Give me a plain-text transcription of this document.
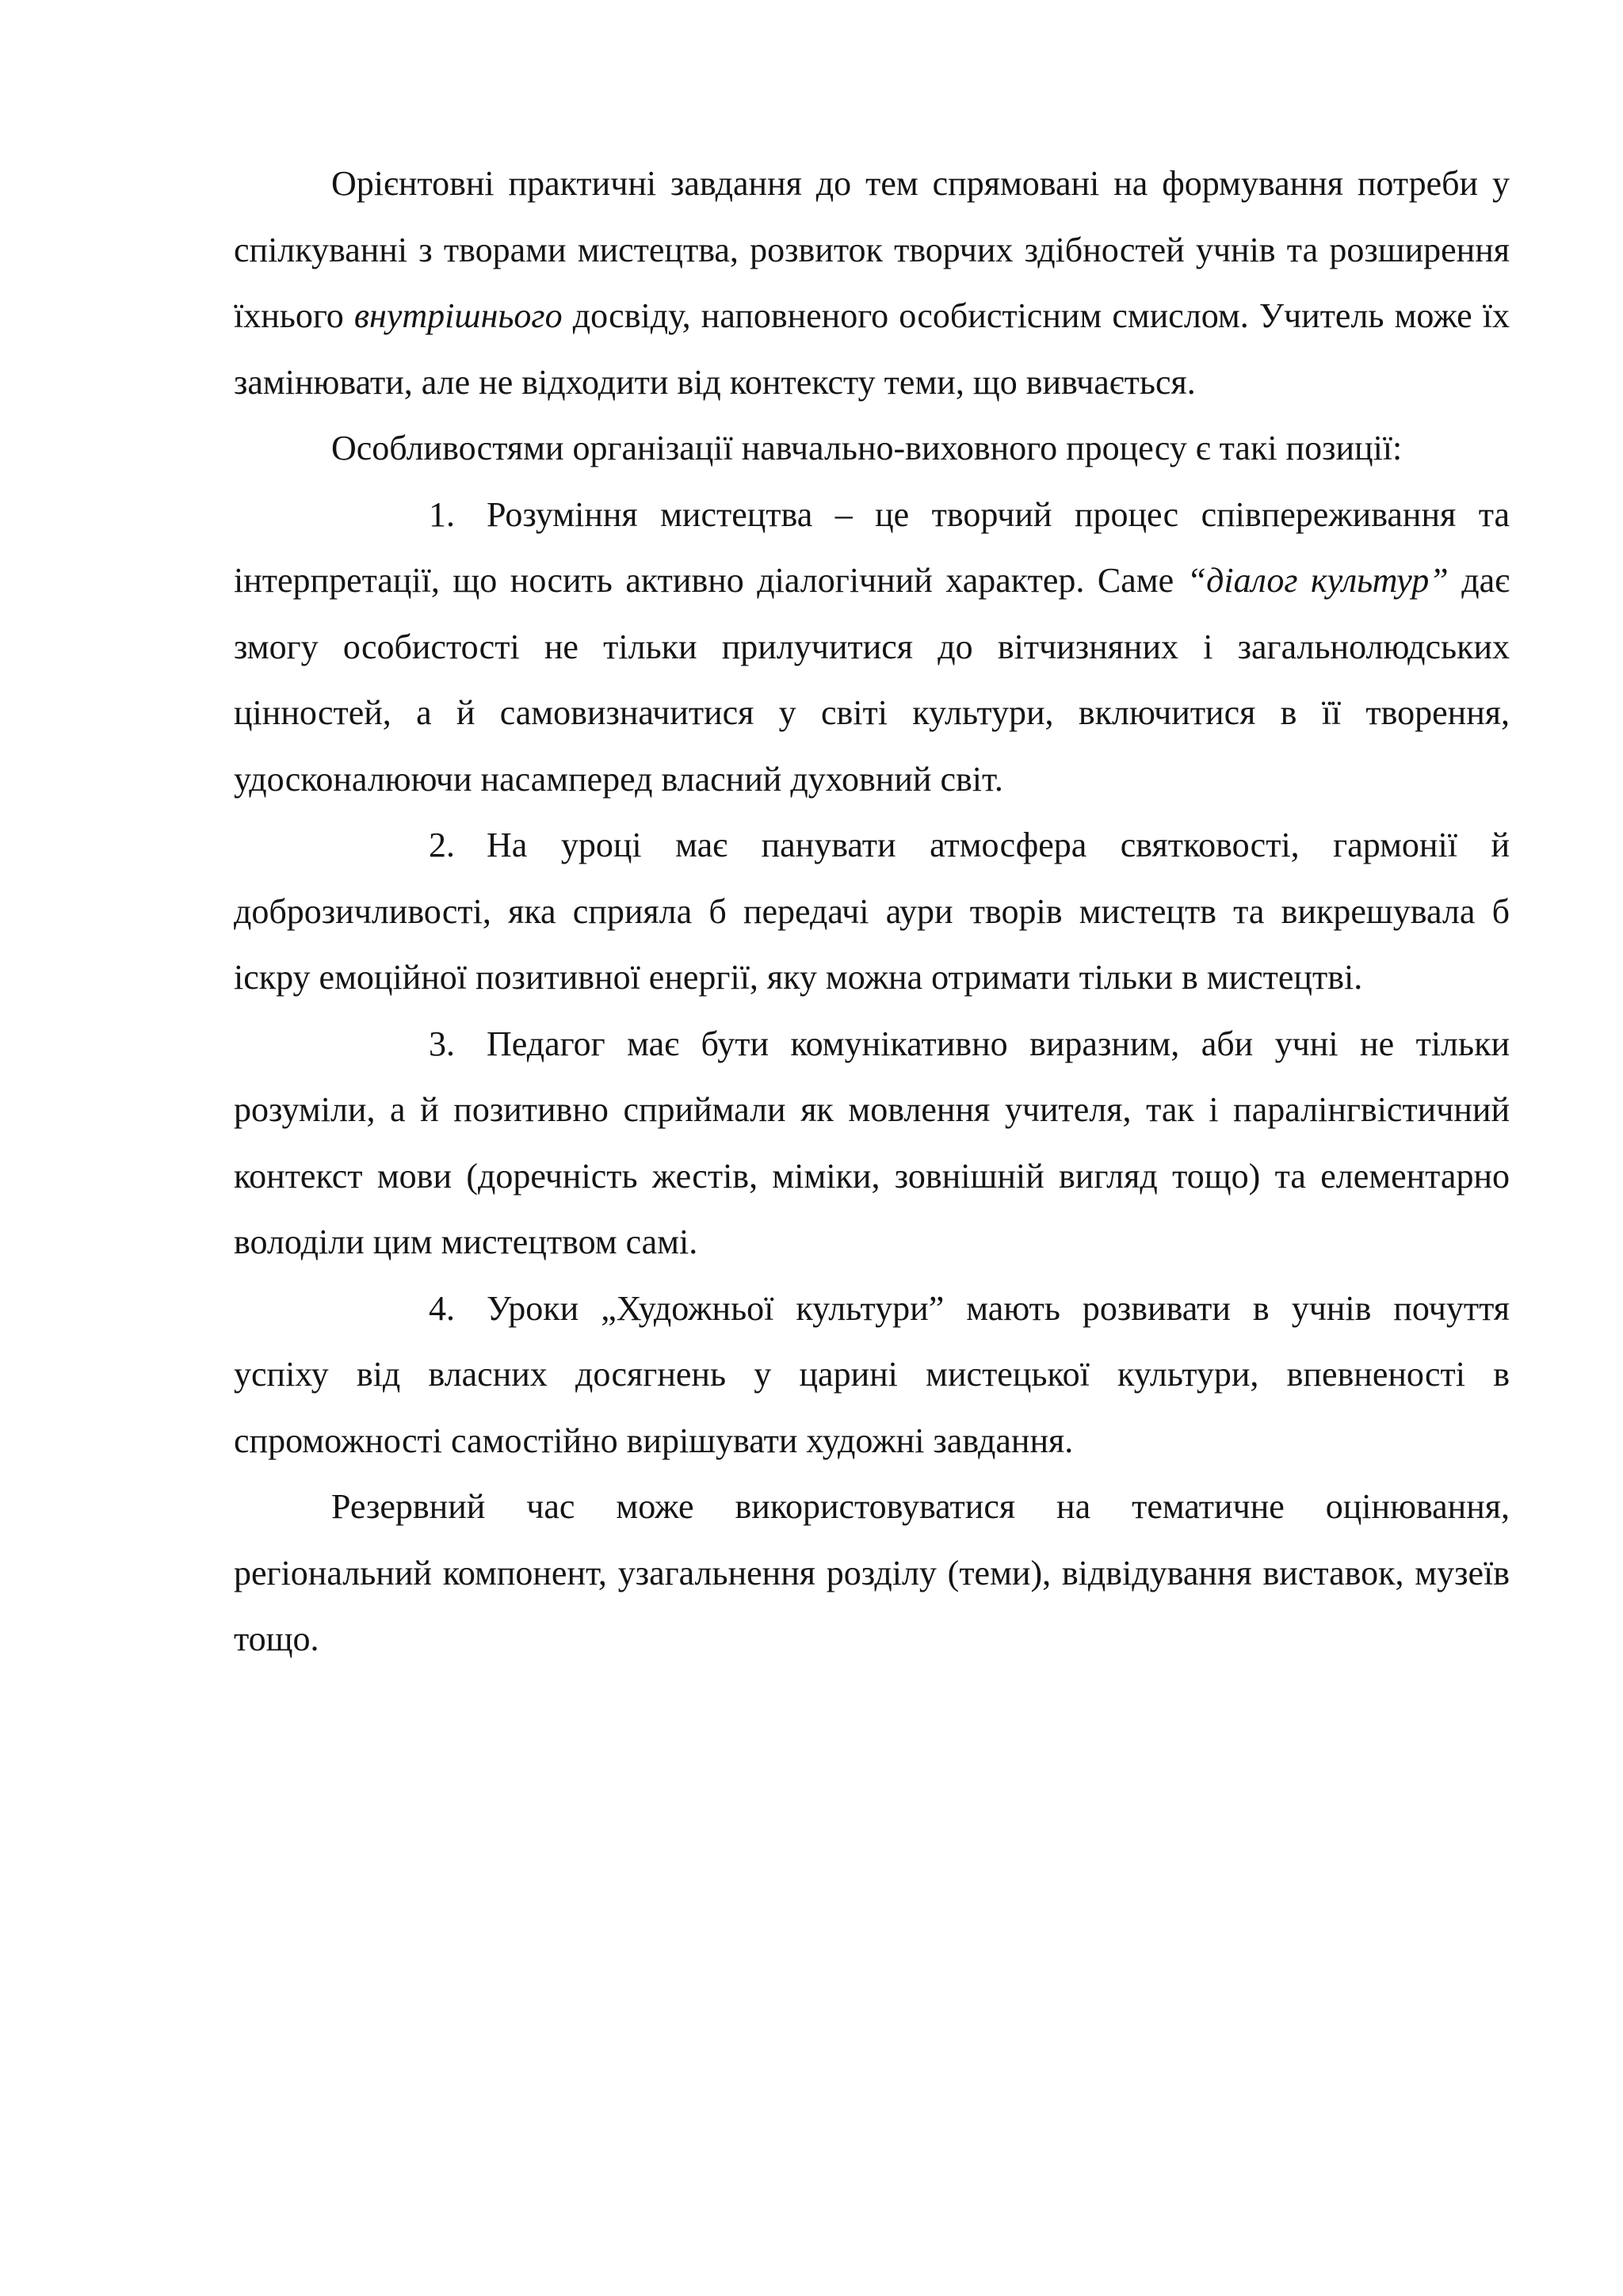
Орієнтовні практичні завдання до тем спрямовані на формування потреби у спілкуванні з творами мистецтва, розвиток творчих здібностей учнів та розширення їхнього внутрішнього досвіду, наповненого особистісним смислом. Учитель може їх замінювати, але не відходити від контексту теми, що вивчається.

Особливостями організації навчально-виховного процесу є такі позиції:

1. Розуміння мистецтва – це творчий процес співпереживання та інтерпретації, що носить активно діалогічний характер. Саме “діалог культур” дає змогу особистості не тільки прилучитися до вітчизняних і загальнолюдських цінностей, а й самовизначитися у світі культури, включитися в її творення, удосконалюючи насамперед власний духовний світ.

2. На уроці має панувати атмосфера святковості, гармонії й доброзичливості, яка сприяла б передачі аури творів мистецтв та викрешувала б іскру емоційної позитивної енергії, яку можна отримати тільки в мистецтві.

3. Педагог має бути комунікативно виразним, аби учні не тільки розуміли, а й позитивно сприймали як мовлення учителя, так і паралінгвістичний контекст мови (доречність жестів, міміки, зовнішній вигляд тощо) та елементарно володіли цим мистецтвом самі.

4. Уроки „Художньої культури” мають розвивати в учнів почуття успіху від власних досягнень у царині мистецької культури, впевненості в спроможності самостійно вирішувати художні завдання.

Резервний час може використовуватися на тематичне оцінювання, регіональний компонент, узагальнення розділу (теми), відвідування виставок, музеїв тощо.
